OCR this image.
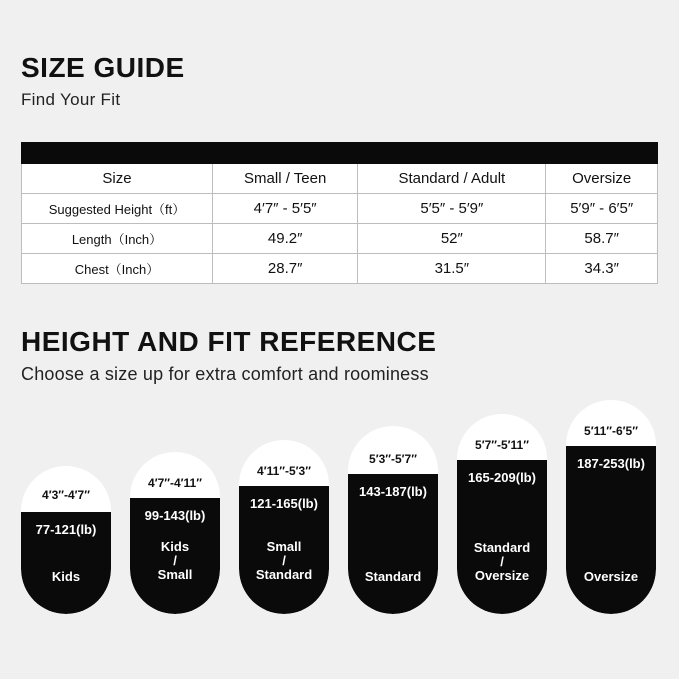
SIZE GUIDE
Find Your Fit

Size	Small / Teen	Standard / Adult	Oversize
Suggested Height（ft）	4′7″ - 5′5″	5′5″ - 5′9″	5′9″ - 6′5″
Length（Inch）	49.2″	52″	58.7″
Chest（Inch）	28.7″	31.5″	34.3″
HEIGHT AND FIT REFERENCE
Choose a size up for extra comfort and roominess
4′3″-4′7″
77-121(lb)
Kids
4′7″-4′11″
99-143(lb)
Kids
/
Small
4′11″-5′3″
121-165(lb)
Small
/
Standard
5′3″-5′7″
143-187(lb)
Standard
5′7″-5′11″
165-209(lb)
Standard
/
Oversize
5′11″-6′5″
187-253(lb)
Oversize
